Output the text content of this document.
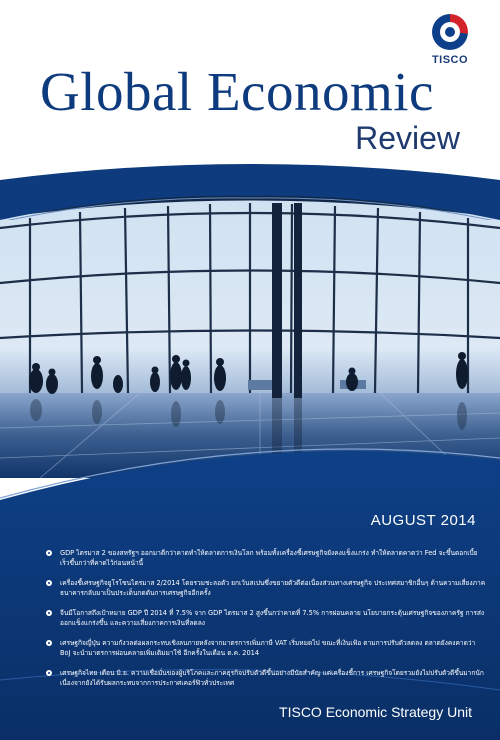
TISCO
Global Economic
Review
AUGUST 2014
GDP ไตรมาส 2 ของสหรัฐฯ ออกมาดีกว่าคาดทำให้ตลาดการเงินโลก พร้อมทั้งเครื่องชี้เศรษฐกิจยังคงแข็งแกร่ง ทำให้ตลาดคาดว่า Fed จะขึ้นดอกเบี้ยเร็วขึ้นกว่าที่คาดไว้ก่อนหน้านี้
เครื่องชี้เศรษฐกิจยูโรโซนไตรมาส 2/2014 โดยรวมชะลอตัว ยกเว้นสเปนซึ่งขยายตัวดีต่อเนื่องส่วนทางเศรษฐกิจ ประเทศสมาชิกอื่นๆ ด้านความเสี่ยงภาคธนาคารกลับมาเป็นประเด็นกดดันการเศรษฐกิจอีกครั้ง
จีนมีโอกาสถึงเป้าหมาย GDP ปี 2014 ที่ 7.5% จาก GDP ไตรมาส 2 สูงขึ้นกว่าคาดที่ 7.5% การผ่อนคลาย นโยบายกระตุ้นเศรษฐกิจของภาครัฐ การส่งออกแข็งแกร่งขึ้น และความเสี่ยงภาคการเงินที่ลดลง
เศรษฐกิจญี่ปุ่น ความกังวลต่อผลกระทบเชิงลบภายหลังจากมาตรการเพิ่มภาษี VAT เริ่มหมดไป ขณะที่เงินเฟ้อ ตามการปรับตัวลดลง ตลาดยังคงคาดว่า BoJ จะนำมาตรการผ่อนคลายเพิ่มเติมมาใช้ อีกครั้งในเดือน ต.ค. 2014
เศรษฐกิจไทย เดือน มิ.ย. ความเชื่อมั่นของผู้บริโภคและภาคธุรกิจปรับตัวดีขึ้นอย่างมีนัยสำคัญ แต่เครื่องชี้การ เศรษฐกิจโดยรวมยังไม่ปรับตัวดีขึ้นมากนัก เนื่องจากยังได้รับผลกระทบจากการประกาศเคอร์ฟิวทั่วประเทศ
TISCO Economic Strategy Unit
